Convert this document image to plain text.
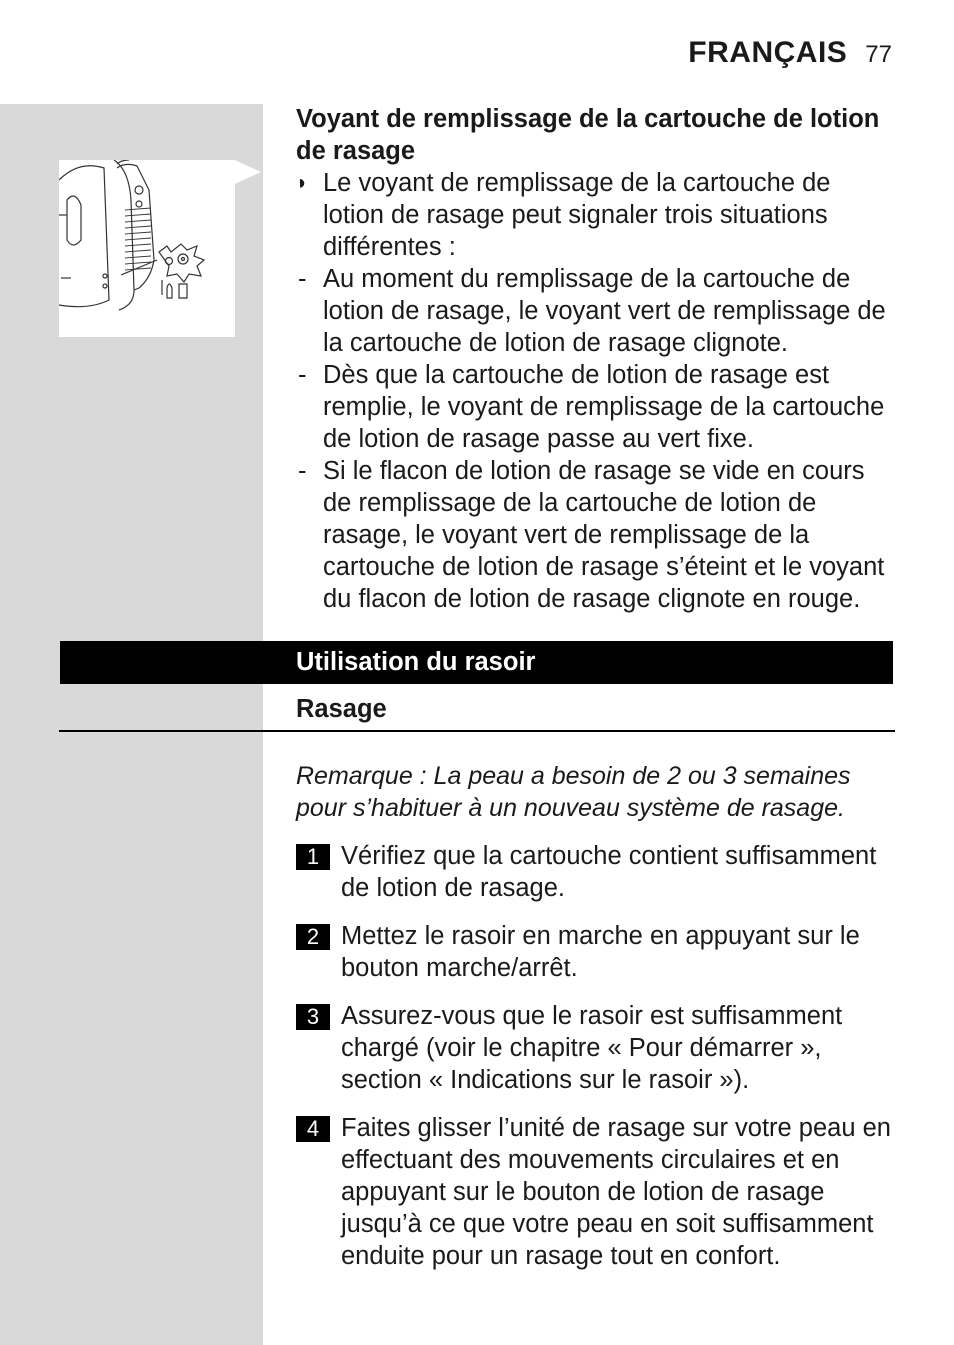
FRANÇAIS 77
Voyant de remplissage de la cartouche de lotion de rasage
◗ Le voyant de remplissage de la cartouche de lotion de rasage peut signaler trois situations différentes :
- Au moment du remplissage de la cartouche de lotion de rasage, le voyant vert de remplissage de la cartouche de lotion de rasage clignote.
- Dès que la cartouche de lotion de rasage est remplie, le voyant de remplissage de la cartouche de lotion de rasage passe au vert fixe.
- Si le flacon de lotion de rasage se vide en cours de remplissage de la cartouche de lotion de rasage, le voyant vert de remplissage de la cartouche de lotion de rasage s’éteint et le voyant du flacon de lotion de rasage clignote en rouge.
Utilisation du rasoir
Rasage
Remarque : La peau a besoin de 2 ou 3 semaines pour s’habituer à un nouveau système de rasage.
1 Vérifiez que la cartouche contient suffisamment de lotion de rasage.
2 Mettez le rasoir en marche en appuyant sur le bouton marche/arrêt.
3 Assurez-vous que le rasoir est suffisamment chargé (voir le chapitre « Pour démarrer », section « Indications sur le rasoir »).
4 Faites glisser l’unité de rasage sur votre peau en effectuant des mouvements circulaires et en appuyant sur le bouton de lotion de rasage jusqu’à ce que votre peau en soit suffisamment enduite pour un rasage tout en confort.
